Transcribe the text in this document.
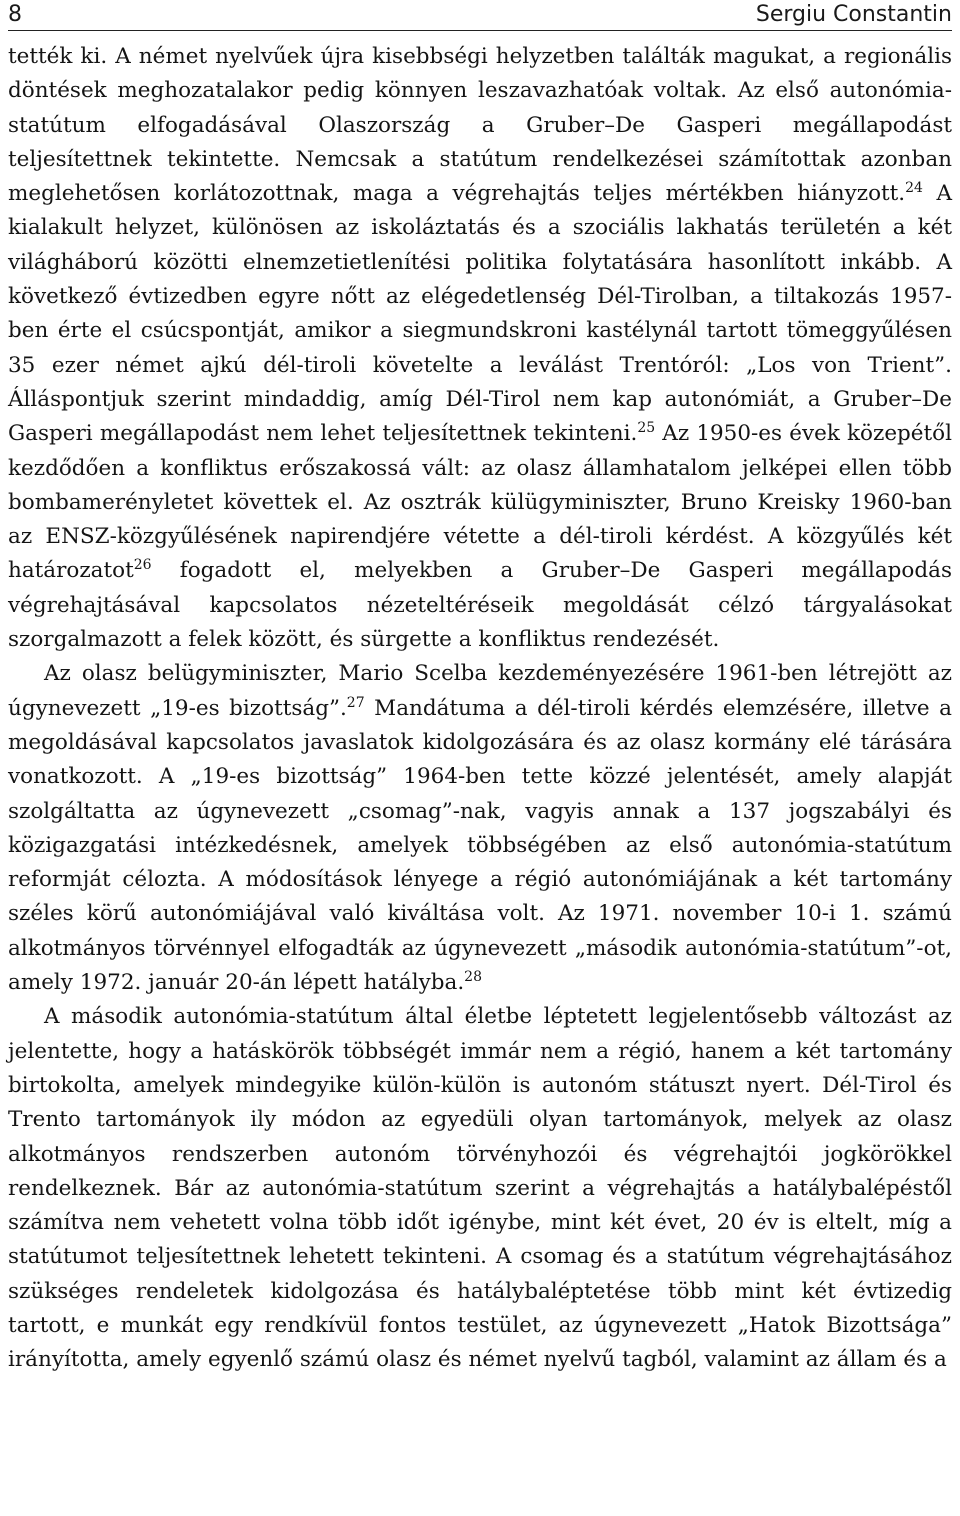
8	Sergiu Constantin

tették ki. A német nyelvűek újra kisebbségi helyzetben találták magukat, a regionális döntések meghozatalakor pedig könnyen leszavazhatóak voltak. Az első autonómia-statútum elfogadásával Olaszország a Gruber–De Gasperi megállapodást teljesítettnek tekintette. Nemcsak a statútum rendelkezései számítottak azonban meglehetősen korlátozottnak, maga a végrehajtás teljes mértékben hiányzott.$^{24}$ A kialakult helyzet, különösen az iskoláztatás és a szociális lakhatás területén a két világháború közötti elnemzetietlenítési politika folytatására hasonlított inkább. A következő évtizedben egyre nőtt az elégedetlenség Dél-Tirolban, a tiltakozás 1957-ben érte el csúcspontját, amikor a siegmundskroni kastélynál tartott tömeggyűlésen 35 ezer német ajkú dél-tiroli követelte a leválást Trentóról: „Los von Trient”. Álláspontjuk szerint mindaddig, amíg Dél-Tirol nem kap autonómiát, a Gruber–De Gasperi megállapodást nem lehet teljesítettnek tekinteni.$^{25}$ Az 1950-es évek közepétől kezdődően a konfliktus erőszakossá vált: az olasz államhatalom jelképei ellen több bombamerényletet követtek el. Az osztrák külügyminiszter, Bruno Kreisky 1960-ban az ENSZ-közgyűlésének napirendjére vétette a dél-tiroli kérdést. A közgyűlés két határozatot$^{26}$ fogadott el, melyekben a Gruber–De Gasperi megállapodás végrehajtásával kapcsolatos nézeteltéréseik megoldását célzó tárgyalásokat szorgalmazott a felek között, és sürgette a konfliktus rendezését.

Az olasz belügyminiszter, Mario Scelba kezdeményezésére 1961-ben létrejött az úgynevezett „19-es bizottság”.$^{27}$ Mandátuma a dél-tiroli kérdés elemzésére, illetve a megoldásával kapcsolatos javaslatok kidolgozására és az olasz kormány elé tárására vonatkozott. A „19-es bizottság” 1964-ben tette közzé jelentését, amely alapját szolgáltatta az úgynevezett „csomag”-nak, vagyis annak a 137 jogszabályi és közigazgatási intézkedésnek, amelyek többségében az első autonómia-statútum reformját célozta. A módosítások lényege a régió autonómiájának a két tartomány széles körű autonómiájával való kiváltása volt. Az 1971. november 10-i 1. számú alkotmányos törvénnyel elfogadták az úgynevezett „második autonómia-statútum”-ot, amely 1972. január 20-án lépett hatályba.$^{28}$

A második autonómia-statútum által életbe léptetett legjelentősebb változást az jelentette, hogy a hatáskörök többségét immár nem a régió, hanem a két tartomány birtokolta, amelyek mindegyike külön-külön is autonóm státuszt nyert. Dél-Tirol és Trento tartományok ily módon az egyedüli olyan tartományok, melyek az olasz alkotmányos rendszerben autonóm törvényhozói és végrehajtói jogkörökkel rendelkeznek. Bár az autonómia-statútum szerint a végrehajtás a hatálybalépéstől számítva nem vehetett volna több időt igénybe, mint két évet, 20 év is eltelt, míg a statútumot teljesítettnek lehetett tekinteni. A csomag és a statútum végrehajtásához szükséges rendeletek kidolgozása és hatálybaléptetése több mint két évtizedig tartott, e munkát egy rendkívül fontos testület, az úgynevezett „Hatok Bizottsága” irányította, amely egyenlő számú olasz és német nyelvű tagból, valamint az állam és a
